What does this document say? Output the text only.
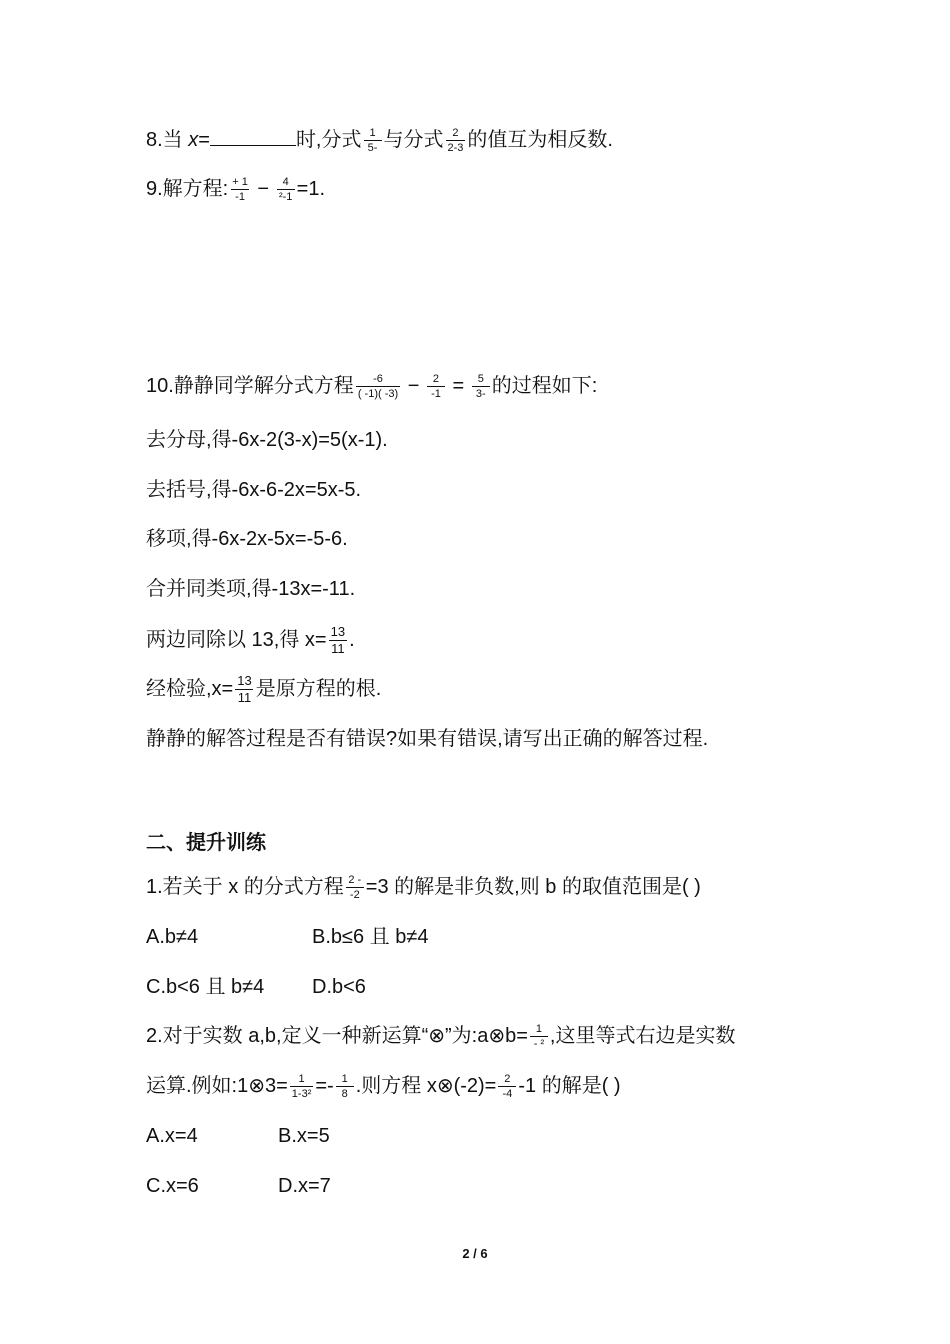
8.当 x=	时,分式 $\frac{1}{5-}$ 与分式 $\frac{2}{2-3}$ 的值互为相反数.
9.解方程: $\frac{+ 1}{-1} - \frac{4}{\text{²-1}} =1$.
10.静静同学解分式方程 $\frac{-6}{( -1)( -3)} - \frac{2}{-1} = \frac{5}{3-}$ 的过程如下:
去分母,得-6x-2(3-x)=5(x-1).
去括号,得-6x-6-2x=5x-5.
移项,得-6x-2x-5x=-5-6.
合并同类项,得-13x=-11.
两边同除以 13,得 $x= \frac{13}{11}$ .
经检验$,x= \frac{13}{11}$ 是原方程的根.
静静的解答过程是否有错误?如果有错误,请写出正确的解答过程.
二、提升训练
1.若关于 x 的分式方程 $\frac{2 -}{-2} =3$ 的解是非负数,则 b 的取值范围是( )
A.b≠4	B.b≤6 且 b≠4
C.b<6 且 b≠4 D.b<6
2.对于实数 a,b,定义一种新运算“⊗”为:a⊗b= $\frac{1}{\text{- ²}}$ ,这里等式右边是实数
运算.例如:1⊗3= $\frac{1}{\text{1-3²}} =- \frac{1}{8}$ .则方程 x⊗(-2)= $\frac{2}{-4} -1$ 的解是( )
A.x=4	B.x=5
C.x=6	D.x=7
2 / 6
